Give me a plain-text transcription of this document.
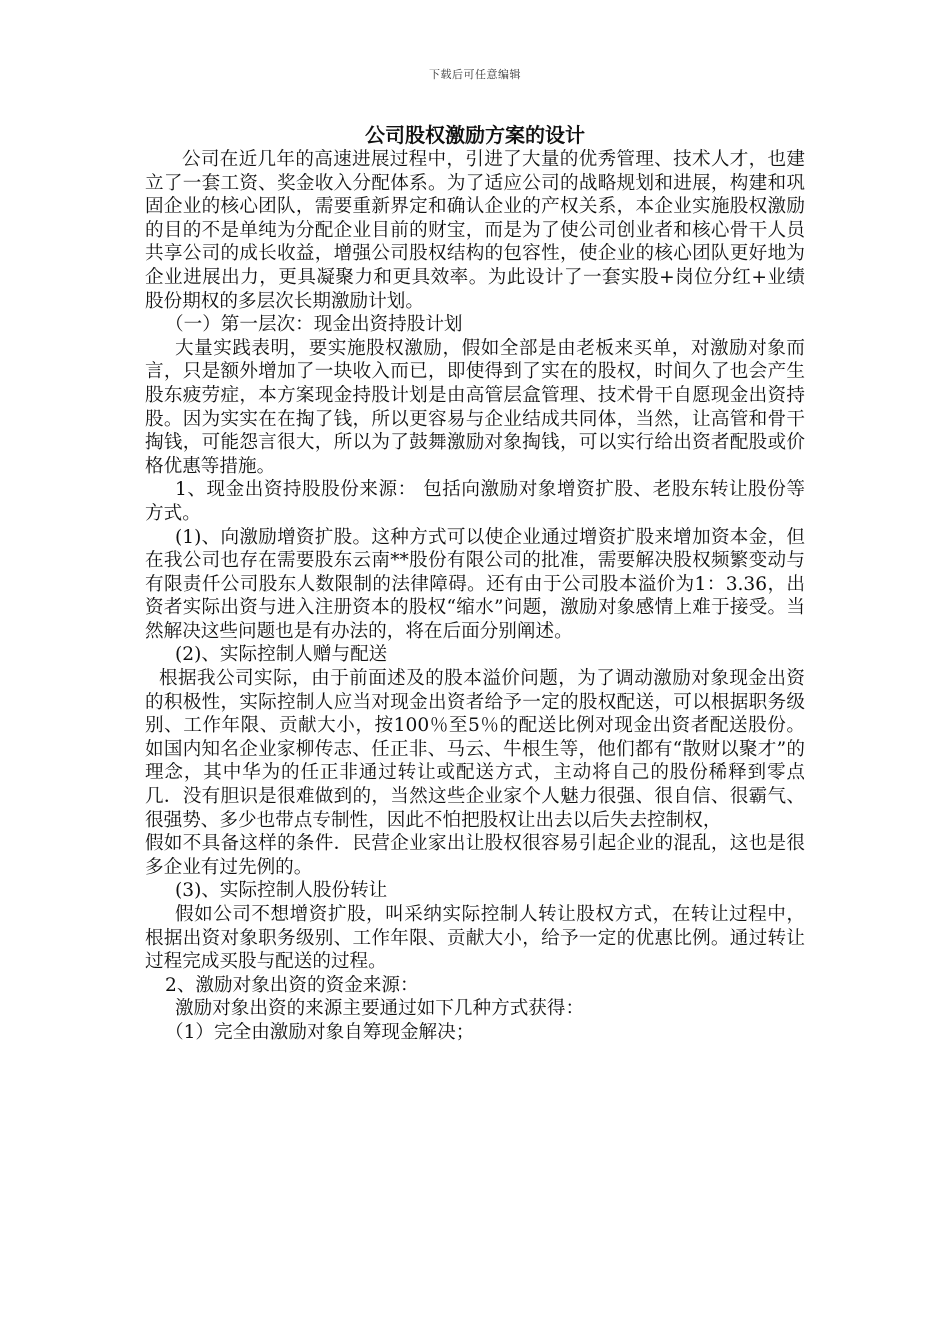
下载后可任意编辑
公司股权激励方案的设计

公司在近几年的高速进展过程中，引进了大量的优秀管理、技术人才，也建立了一套工资、奖金收入分配体系。为了适应公司的战略规划和进展，构建和巩固企业的核心团队，需要重新界定和确认企业的产权关系，本企业实施股权激励的目的不是单纯为分配企业目前的财宝，而是为了使公司创业者和核心骨干人员共享公司的成长收益，增强公司股权结构的包容性，使企业的核心团队更好地为企业进展出力，更具凝聚力和更具效率。为此设计了一套实股+岗位分红+业绩股份期权的多层次长期激励计划。

（一）第一层次：现金出资持股计划

大量实践表明，要实施股权激励，假如全部是由老板来买单，对激励对象而言，只是额外增加了一块收入而已，即使得到了实在的股权，时间久了也会产生股东疲劳症，本方案现金持股计划是由高管层盒管理、技术骨干自愿现金出资持股。因为实实在在掏了钱，所以更容易与企业结成共同体，当然，让高管和骨干掏钱，可能怨言很大，所以为了鼓舞激励对象掏钱，可以实行给出资者配股或价格优惠等措施。

1、现金出资持股股份来源： 包括向激励对象增资扩股、老股东转让股份等方式。

(1)、向激励增资扩股。这种方式可以使企业通过增资扩股来增加资本金，但在我公司也存在需要股东云南**股份有限公司的批准，需要解决股权频繁变动与有限责仟公司股东人数限制的法律障碍。还有由于公司股本溢价为1：3.36，出资者实际出资与进入注册资本的股权“缩水”问题，激励对象感情上难于接受。当然解决这些问题也是有办法的，将在后面分别阐述。

(2)、实际控制人赠与配送

根据我公司实际，由于前面述及的股本溢价问题，为了调动激励对象现金出资的积极性，实际控制人应当对现金出资者给予一定的股权配送，可以根据职务级别、工作年限、贡献大小，按100％至5％的配送比例对现金出资者配送股份。如国内知名企业家柳传志、任正非、马云、牛根生等，他们都有“散财以聚才”的理念，其中华为的任正非通过转让或配送方式，主动将自己的股份稀释到零点几．没有胆识是很难做到的，当然这些企业家个人魅力很强、很自信、很霸气、很强势、多少也带点专制性，因此不怕把股权让出去以后失去控制权，

假如不具备这样的条件．民营企业家出让股权很容易引起企业的混乱，这也是很多企业有过先例的。

(3)、实际控制人股份转让

假如公司不想增资扩股，叫采纳实际控制人转让股权方式，在转让过程中，根据出资对象职务级别、工作年限、贡献大小，给予一定的优惠比例。通过转让过程完成买股与配送的过程。

2、激励对象出资的资金来源：

激励对象出资的来源主要通过如下几种方式获得：

（1）完全由激励对象自筹现金解决；
